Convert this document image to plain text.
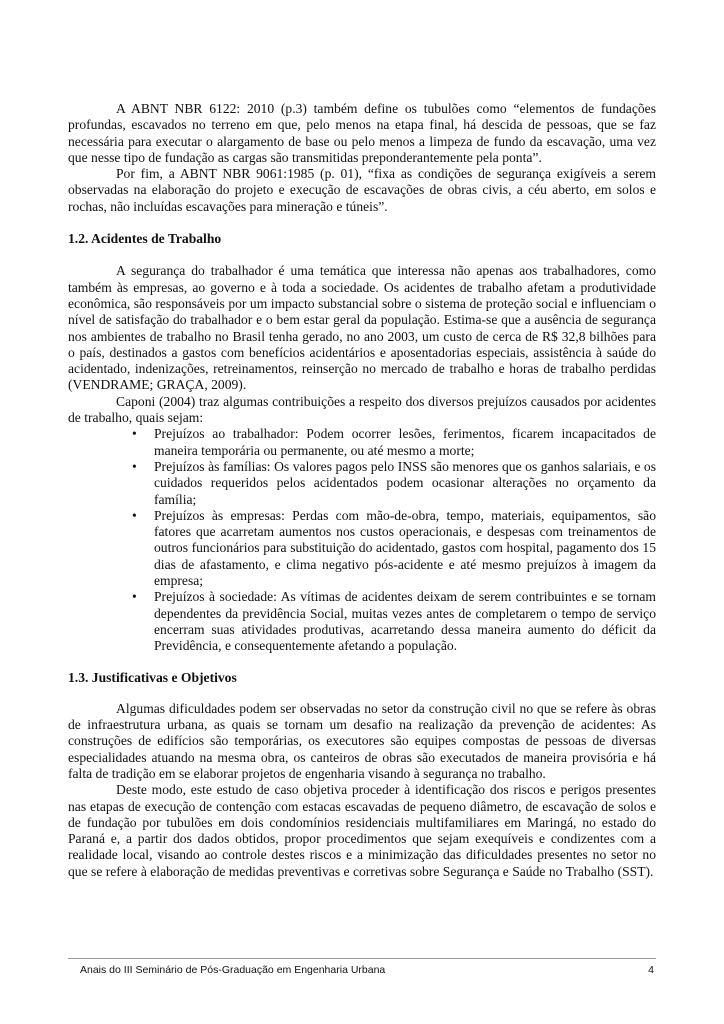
A ABNT NBR 6122: 2010 (p.3) também define os tubulões como “elementos de fundações profundas, escavados no terreno em que, pelo menos na etapa final, há descida de pessoas, que se faz necessária para executar o alargamento de base ou pelo menos a limpeza de fundo da escavação, uma vez que nesse tipo de fundação as cargas são transmitidas preponderantemente pela ponta”.

Por fim, a ABNT NBR 9061:1985 (p. 01), “fixa as condições de segurança exigíveis a serem observadas na elaboração do projeto e execução de escavações de obras civis, a céu aberto, em solos e rochas, não incluídas escavações para mineração e túneis”.

1.2. Acidentes de Trabalho

A segurança do trabalhador é uma temática que interessa não apenas aos trabalhadores, como também às empresas, ao governo e à toda a sociedade. Os acidentes de trabalho afetam a produtividade econômica, são responsáveis por um impacto substancial sobre o sistema de proteção social e influenciam o nível de satisfação do trabalhador e o bem estar geral da população. Estima-se que a ausência de segurança nos ambientes de trabalho no Brasil tenha gerado, no ano 2003, um custo de cerca de R$ 32,8 bilhões para o país, destinados a gastos com benefícios acidentários e aposentadorias especiais, assistência à saúde do acidentado, indenizações, retreinamentos, reinserção no mercado de trabalho e horas de trabalho perdidas (VENDRAME; GRAÇA, 2009).

Caponi (2004) traz algumas contribuições a respeito dos diversos prejuízos causados por acidentes de trabalho, quais sejam:

• Prejuízos ao trabalhador: Podem ocorrer lesões, ferimentos, ficarem incapacitados de maneira temporária ou permanente, ou até mesmo a morte;
• Prejuízos às famílias: Os valores pagos pelo INSS são menores que os ganhos salariais, e os cuidados requeridos pelos acidentados podem ocasionar alterações no orçamento da família;
• Prejuízos às empresas: Perdas com mão-de-obra, tempo, materiais, equipamentos, são fatores que acarretam aumentos nos custos operacionais, e despesas com treinamentos de outros funcionários para substituição do acidentado, gastos com hospital, pagamento dos 15 dias de afastamento, e clima negativo pós-acidente e até mesmo prejuízos à imagem da empresa;
• Prejuízos à sociedade: As vítimas de acidentes deixam de serem contribuintes e se tornam dependentes da previdência Social, muitas vezes antes de completarem o tempo de serviço encerram suas atividades produtivas, acarretando dessa maneira aumento do déficit da Previdência, e consequentemente afetando a população.
1.3. Justificativas e Objetivos

Algumas dificuldades podem ser observadas no setor da construção civil no que se refere às obras de infraestrutura urbana, as quais se tornam um desafio na realização da prevenção de acidentes: As construções de edifícios são temporárias, os executores são equipes compostas de pessoas de diversas especialidades atuando na mesma obra, os canteiros de obras são executados de maneira provisória e há falta de tradição em se elaborar projetos de engenharia visando à segurança no trabalho.

Deste modo, este estudo de caso objetiva proceder à identificação dos riscos e perigos presentes nas etapas de execução de contenção com estacas escavadas de pequeno diâmetro, de escavação de solos e de fundação por tubulões em dois condomínios residenciais multifamiliares em Maringá, no estado do Paraná e, a partir dos dados obtidos, propor procedimentos que sejam exequíveis e condizentes com a realidade local, visando ao controle destes riscos e a minimização das dificuldades presentes no setor no que se refere à elaboração de medidas preventivas e corretivas sobre Segurança e Saúde no Trabalho (SST).

Anais do III Seminário de Pós-Graduação em Engenharia Urbana	4
